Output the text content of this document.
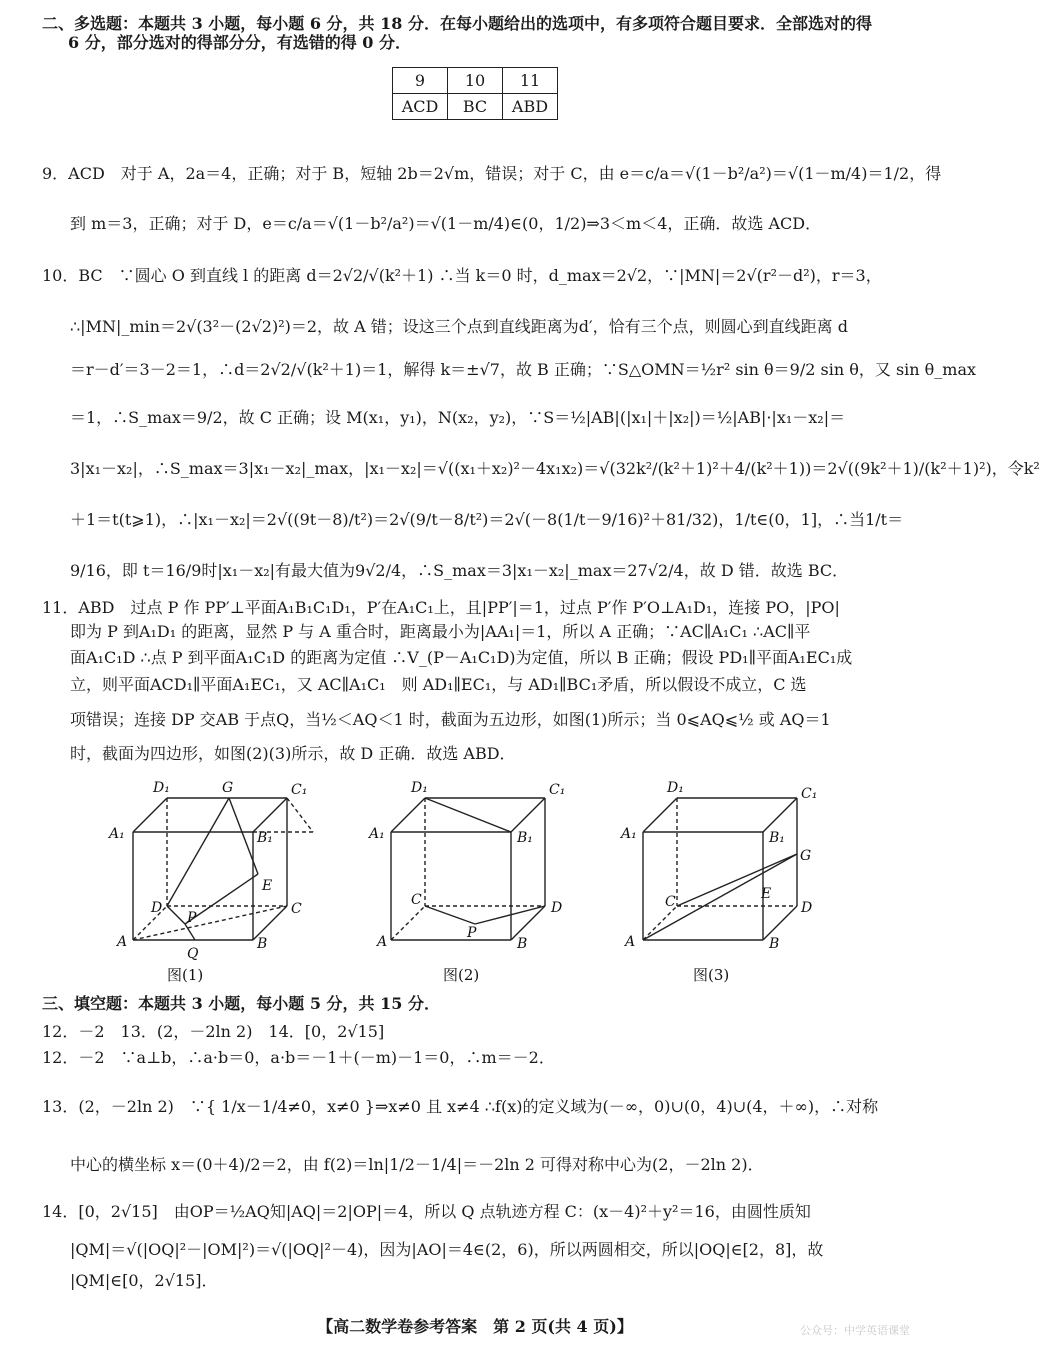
二、多选题：本题共 3 小题，每小题 6 分，共 18 分．在每小题给出的选项中，有多项符合题目要求．全部选对的得
6 分，部分选对的得部分分，有选错的得 0 分．
9	10	11
ACD	BC	ABD
9．ACD　对于 A，2a＝4，正确；对于 B，短轴 2b＝2√m，错误；对于 C，由 e＝c/a＝√(1－b²/a²)＝√(1－m/4)＝1/2，得
到 m＝3，正确；对于 D，e＝c/a＝√(1－b²/a²)＝√(1－m/4)∈(0，1/2)⇒3＜m＜4，正确．故选 ACD．
10．BC　∵圆心 O 到直线 l 的距离 d＝2√2/√(k²＋1) ∴当 k＝0 时，d_max＝2√2，∵|MN|＝2√(r²－d²)，r＝3，
∴|MN|_min＝2√(3²－(2√2)²)＝2，故 A 错；设这三个点到直线距离为d′，恰有三个点，则圆心到直线距离 d
＝r－d′＝3－2＝1，∴d＝2√2/√(k²＋1)＝1，解得 k＝±√7，故 B 正确；∵S△OMN＝½r² sin θ＝9/2 sin θ，又 sin θ_max
＝1，∴S_max＝9/2，故 C 正确；设 M(x₁，y₁)，N(x₂，y₂)，∵S＝½|AB|(|x₁|＋|x₂|)＝½|AB|·|x₁－x₂|＝
3|x₁－x₂|，∴S_max＝3|x₁－x₂|_max，|x₁－x₂|＝√((x₁＋x₂)²－4x₁x₂)＝√(32k²/(k²＋1)²＋4/(k²＋1))＝2√((9k²＋1)/(k²＋1)²)，令k²
＋1＝t(t⩾1)，∴|x₁－x₂|＝2√((9t－8)/t²)＝2√(9/t－8/t²)＝2√(－8(1/t－9/16)²＋81/32)，1/t∈(0，1]，∴当1/t＝
9/16，即 t＝16/9时|x₁－x₂|有最大值为9√2/4，∴S_max＝3|x₁－x₂|_max＝27√2/4，故 D 错．故选 BC．
11．ABD　过点 P 作 PP′⊥平面A₁B₁C₁D₁，P′在A₁C₁上，且|PP′|＝1，过点 P′作 P′O⊥A₁D₁，连接 PO，|PO|
即为 P 到A₁D₁ 的距离，显然 P 与 A 重合时，距离最小为|AA₁|＝1，所以 A 正确；∵AC∥A₁C₁ ∴AC∥平
面A₁C₁D ∴点 P 到平面A₁C₁D 的距离为定值 ∴V_(P－A₁C₁D)为定值，所以 B 正确；假设 PD₁∥平面A₁EC₁成
立，则平面ACD₁∥平面A₁EC₁，又 AC∥A₁C₁　则 AD₁∥EC₁，与 AD₁∥BC₁矛盾，所以假设不成立，C 选
项错误；连接 DP 交AB 于点Q，当½＜AQ＜1 时，截面为五边形，如图(1)所示；当 0⩽AQ⩽½ 或 AQ＝1
时，截面为四边形，如图(2)(3)所示，故 D 正确．故选 ABD．
D₁	G	C₁
A₁	B₁
E
D	C
P
A
Q
B
D₁	C₁
A₁	B₁
C	D
P
A	B
D₁	C₁
A₁	B₁
G
C	E
D
A	B
图(1)	图(2)	图(3)
三、填空题：本题共 3 小题，每小题 5 分，共 15 分．
12．－2　13．(2，－2ln 2)　14．[0，2√15]
12．－2　∵a⊥b，∴a·b＝0，a·b＝－1＋(－m)－1＝0，∴m＝－2．
13．(2，－2ln 2)　∵{ 1/x－1/4≠0，x≠0 }⇒x≠0 且 x≠4 ∴f(x)的定义域为(－∞，0)∪(0，4)∪(4，＋∞)，∴对称
中心的横坐标 x＝(0＋4)/2＝2，由 f(2)＝ln|1/2－1/4|＝－2ln 2 可得对称中心为(2，－2ln 2)．
14．[0，2√15]　由OP＝½AQ知|AQ|＝2|OP|＝4，所以 Q 点轨迹方程 C：(x－4)²＋y²＝16，由圆性质知
|QM|＝√(|OQ|²－|OM|²)＝√(|OQ|²－4)，因为|AO|＝4∈(2，6)，所以两圆相交，所以|OQ|∈[2，8]，故
|QM|∈[0，2√15]．
【高二数学卷参考答案　第 2 页(共 4 页)】	公众号：中学英语课堂
